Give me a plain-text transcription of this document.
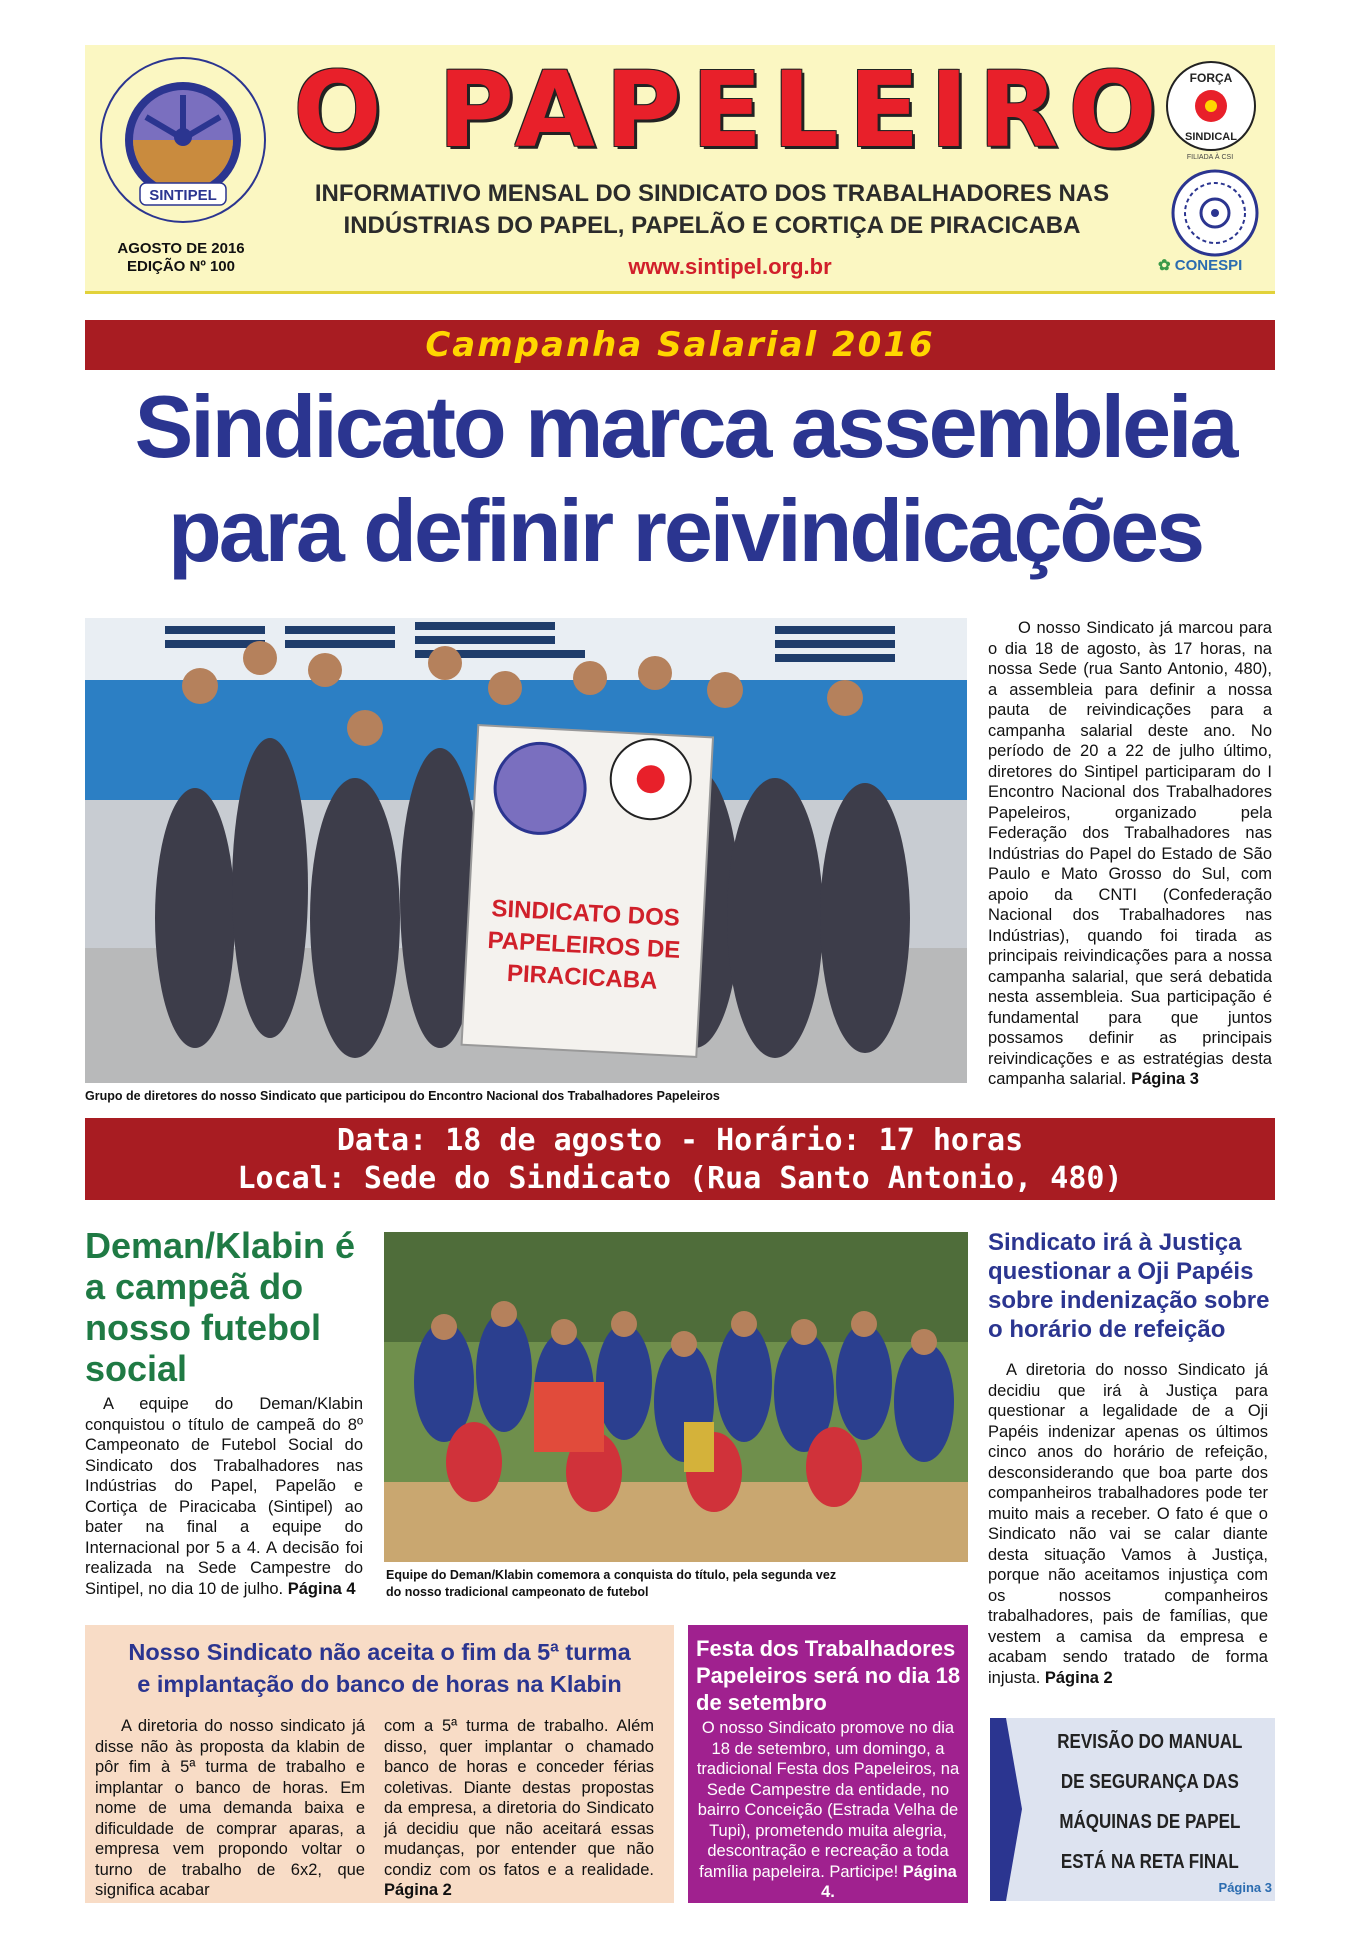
SINTIPEL
AGOSTO DE 2016
EDIÇÃO Nº 100
O PAPELEIRO
INFORMATIVO MENSAL DO SINDICATO DOS TRABALHADORES NAS
INDÚSTRIAS DO PAPEL, PAPELÃO E CORTIÇA DE PIRACICABA
www.sintipel.org.br
FORÇA
SINDICAL
FILIADA À CSI
✿ CONESPI
Campanha Salarial 2016
Sindicato marca assembleia
para definir reivindicações
SINDICATO DOS
PAPELEIROS DE
PIRACICABA
Grupo de diretores do nosso Sindicato que participou do Encontro Nacional dos Trabalhadores Papeleiros
O nosso Sindicato já marcou para o dia 18 de agosto, às 17 horas, na nossa Sede (rua Santo Antonio, 480), a assembleia para definir a nossa pauta de reivindicações para a campanha salarial deste ano. No período de 20 a 22 de julho último, diretores do Sintipel participaram do I Encontro Nacional dos Trabalhadores Papeleiros, organizado pela Federação dos Trabalhadores nas Indústrias do Papel do Estado de São Paulo e Mato Grosso do Sul, com apoio da CNTI (Confederação Nacional dos Trabalhadores nas Indústrias), quando foi tirada as principais reivindicações para a nossa campanha salarial, que será debatida nesta assembleia. Sua participação é fundamental para que juntos possamos definir as principais reivindicações e as estratégias desta campanha salarial. Página 3
Data: 18 de agosto - Horário: 17 horas
Local: Sede do Sindicato (Rua Santo Antonio, 480)
Deman/Klabin é a campeã do nosso futebol social
A equipe do Deman/Klabin conquistou o título de campeã do 8º Campeonato de Futebol Social do Sindicato dos Trabalhadores nas Indústrias do Papel, Papelão e Cortiça de Piracicaba (Sintipel) ao bater na final a equipe do Internacional por 5 a 4. A decisão foi realizada na Sede Campestre do Sintipel, no dia 10 de julho. Página 4
Equipe do Deman/Klabin comemora a conquista do título, pela segunda vez
do nosso tradicional campeonato de futebol
Sindicato irá à Justiça questionar a Oji Papéis sobre indenização sobre o horário de refeição
A diretoria do nosso Sindicato já decidiu que irá à Justiça para questionar a legalidade de a Oji Papéis indenizar apenas os últimos cinco anos do horário de refeição, desconsiderando que boa parte dos companheiros trabalhadores pode ter muito mais a receber. O fato é que o Sindicato não vai se calar diante desta situação Vamos à Justiça, porque não aceitamos injustiça com os nossos companheiros trabalhadores, pais de famílias, que vestem a camisa da empresa e acabam sendo tratado de forma injusta. Página 2
Nosso Sindicato não aceita o fim da 5ª turma
e implantação do banco de horas na Klabin
A diretoria do nosso sindicato já disse não às proposta da klabin de pôr fim à 5ª turma de trabalho e implantar o banco de horas. Em nome de uma demanda baixa e dificuldade de comprar aparas, a empresa vem propondo voltar o turno de trabalho de 6x2, que significa acabar
com a 5ª turma de trabalho. Além disso, quer implantar o chamado banco de horas e conceder férias coletivas. Diante destas propostas da empresa, a diretoria do Sindicato já decidiu que não aceitará essas mudanças, por entender que não condiz com os fatos e a realidade. Página 2
Festa dos Trabalhadores Papeleiros será no dia 18 de setembro
O nosso Sindicato promove no dia 18 de setembro, um domingo, a tradicional Festa dos Papeleiros, na Sede Campestre da entidade, no bairro Conceição (Estrada Velha de Tupi), prometendo muita alegria, descontração e recreação a toda família papeleira. Participe! Página 4.
REVISÃO DO MANUAL
DE SEGURANÇA DAS
MÁQUINAS DE PAPEL
ESTÁ NA RETA FINAL
Página 3
